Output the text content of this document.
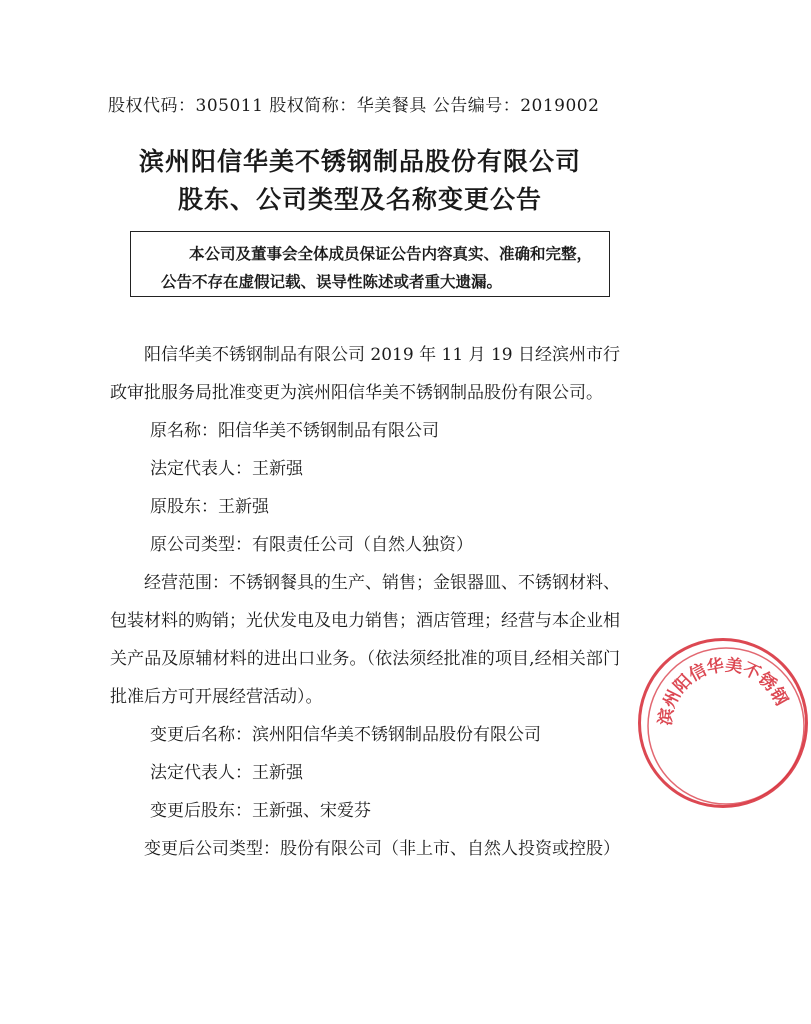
股权代码：305011 股权简称：华美餐具 公告编号：2019002
滨州阳信华美不锈钢制品股份有限公司
股东、公司类型及名称变更公告
本公司及董事会全体成员保证公告内容真实、准确和完整，公告不存在虚假记载、误导性陈述或者重大遗漏。

阳信华美不锈钢制品有限公司 2019 年 11 月 19 日经滨州市行政审批服务局批准变更为滨州阳信华美不锈钢制品股份有限公司。

原名称：阳信华美不锈钢制品有限公司

法定代表人：王新强

原股东：王新强

原公司类型：有限责任公司（自然人独资）

经营范围：不锈钢餐具的生产、销售；金银器皿、不锈钢材料、包装材料的购销；光伏发电及电力销售；酒店管理；经营与本企业相关产品及原辅材料的进出口业务。（依法须经批准的项目,经相关部门批准后方可开展经营活动）。

变更后名称：滨州阳信华美不锈钢制品股份有限公司

法定代表人：王新强

变更后股东：王新强、宋爱芬

变更后公司类型：股份有限公司（非上市、自然人投资或控股）

滨州阳信华美不锈钢
